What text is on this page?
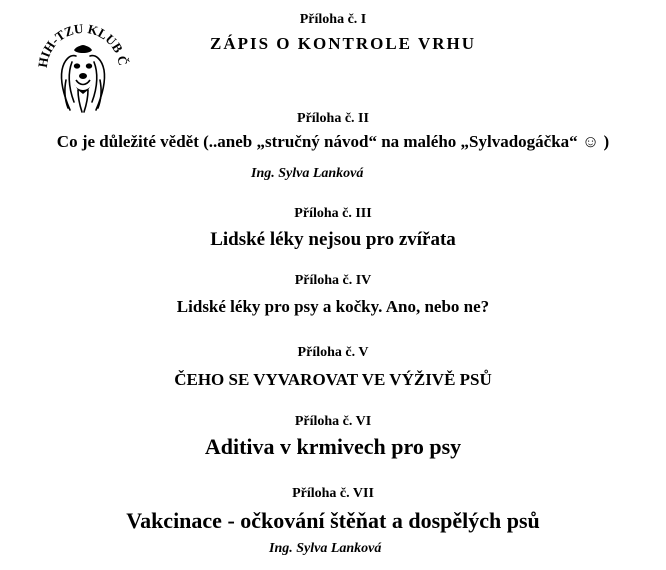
HIH-TZU KLUB Č
Příloha č. I
ZÁPIS O KONTROLE VRHU
Příloha č. II
Co je důležité vědět (..aneb „stručný návod“ na malého „Sylvadogáčka“ ☺ )
Ing. Sylva Lanková
Příloha č. III
Lidské léky nejsou pro zvířata
Příloha č. IV
Lidské léky pro psy a kočky. Ano, nebo ne?
Příloha č. V
ČEHO SE VYVAROVAT VE VÝŽIVĚ PSŮ
Příloha č. VI
Aditiva v krmivech pro psy
Příloha č. VII
Vakcinace - očkování štěňat a dospělých psů
Ing. Sylva Lanková
